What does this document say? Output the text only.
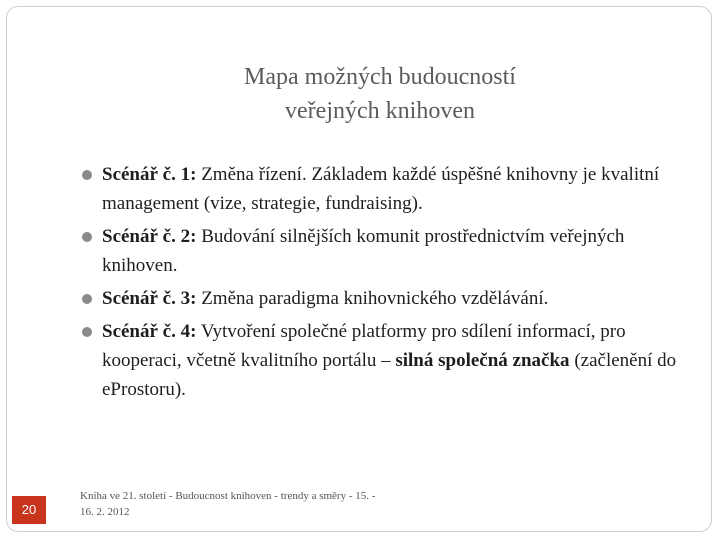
Mapa možných budoucností
veřejných knihoven
Scénář č. 1: Změna řízení. Základem každé úspěšné knihovny je kvalitní management (vize, strategie, fundraising).
Scénář č. 2: Budování silnějších komunit prostřednictvím veřejných knihoven.
Scénář č. 3: Změna paradigma knihovnického vzdělávání.
Scénář č. 4: Vytvoření společné platformy pro sdílení informací, pro kooperaci, včetně kvalitního portálu – silná společná značka (začlenění do eProstoru).
20
Kniha ve 21. století - Budoucnost knihoven - trendy a směry - 15. - 16. 2. 2012
